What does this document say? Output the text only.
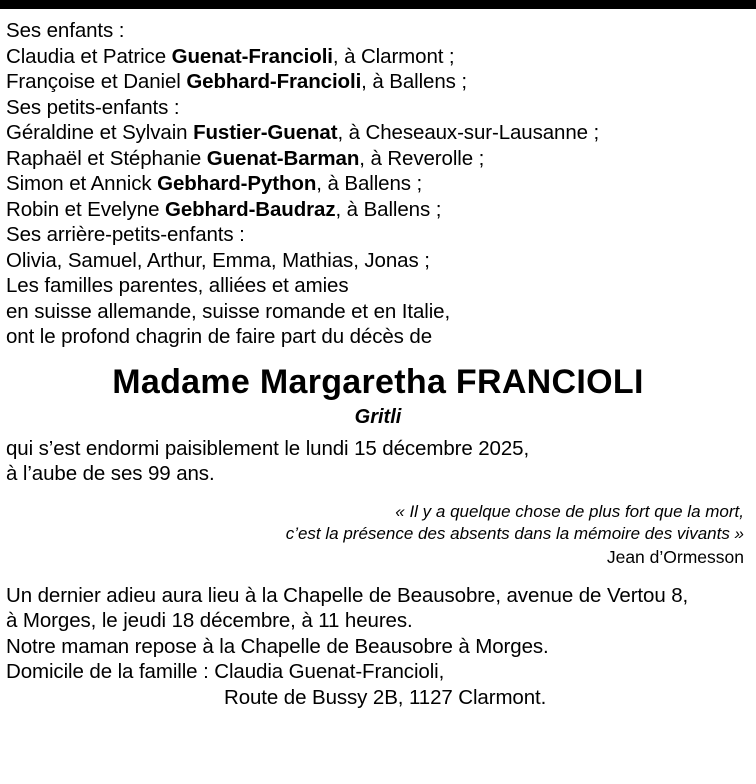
Ses enfants :
Claudia et Patrice Guenat-Francioli, à Clarmont ;
Françoise et Daniel Gebhard-Francioli, à Ballens ;
Ses petits-enfants :
Géraldine et Sylvain Fustier-Guenat, à Cheseaux-sur-Lausanne ;
Raphaël et Stéphanie Guenat-Barman, à Reverolle ;
Simon et Annick Gebhard-Python, à Ballens ;
Robin et Evelyne Gebhard-Baudraz, à Ballens ;
Ses arrière-petits-enfants :
Olivia, Samuel, Arthur, Emma, Mathias, Jonas ;
Les familles parentes, alliées et amies
en suisse allemande, suisse romande et en Italie,
ont le profond chagrin de faire part du décès de
Madame Margaretha FRANCIOLI
Gritli
qui s’est endormi paisiblement le lundi 15 décembre 2025,
à l’aube de ses 99 ans.
« Il y a quelque chose de plus fort que la mort,
c’est la présence des absents dans la mémoire des vivants »
Jean d’Ormesson
Un dernier adieu aura lieu à la Chapelle de Beausobre, avenue de Vertou 8,
à Morges, le jeudi 18 décembre, à 11 heures.
Notre maman repose à la Chapelle de Beausobre à Morges.
Domicile de la famille : Claudia Guenat-Francioli,
Route de Bussy 2B, 1127 Clarmont.
